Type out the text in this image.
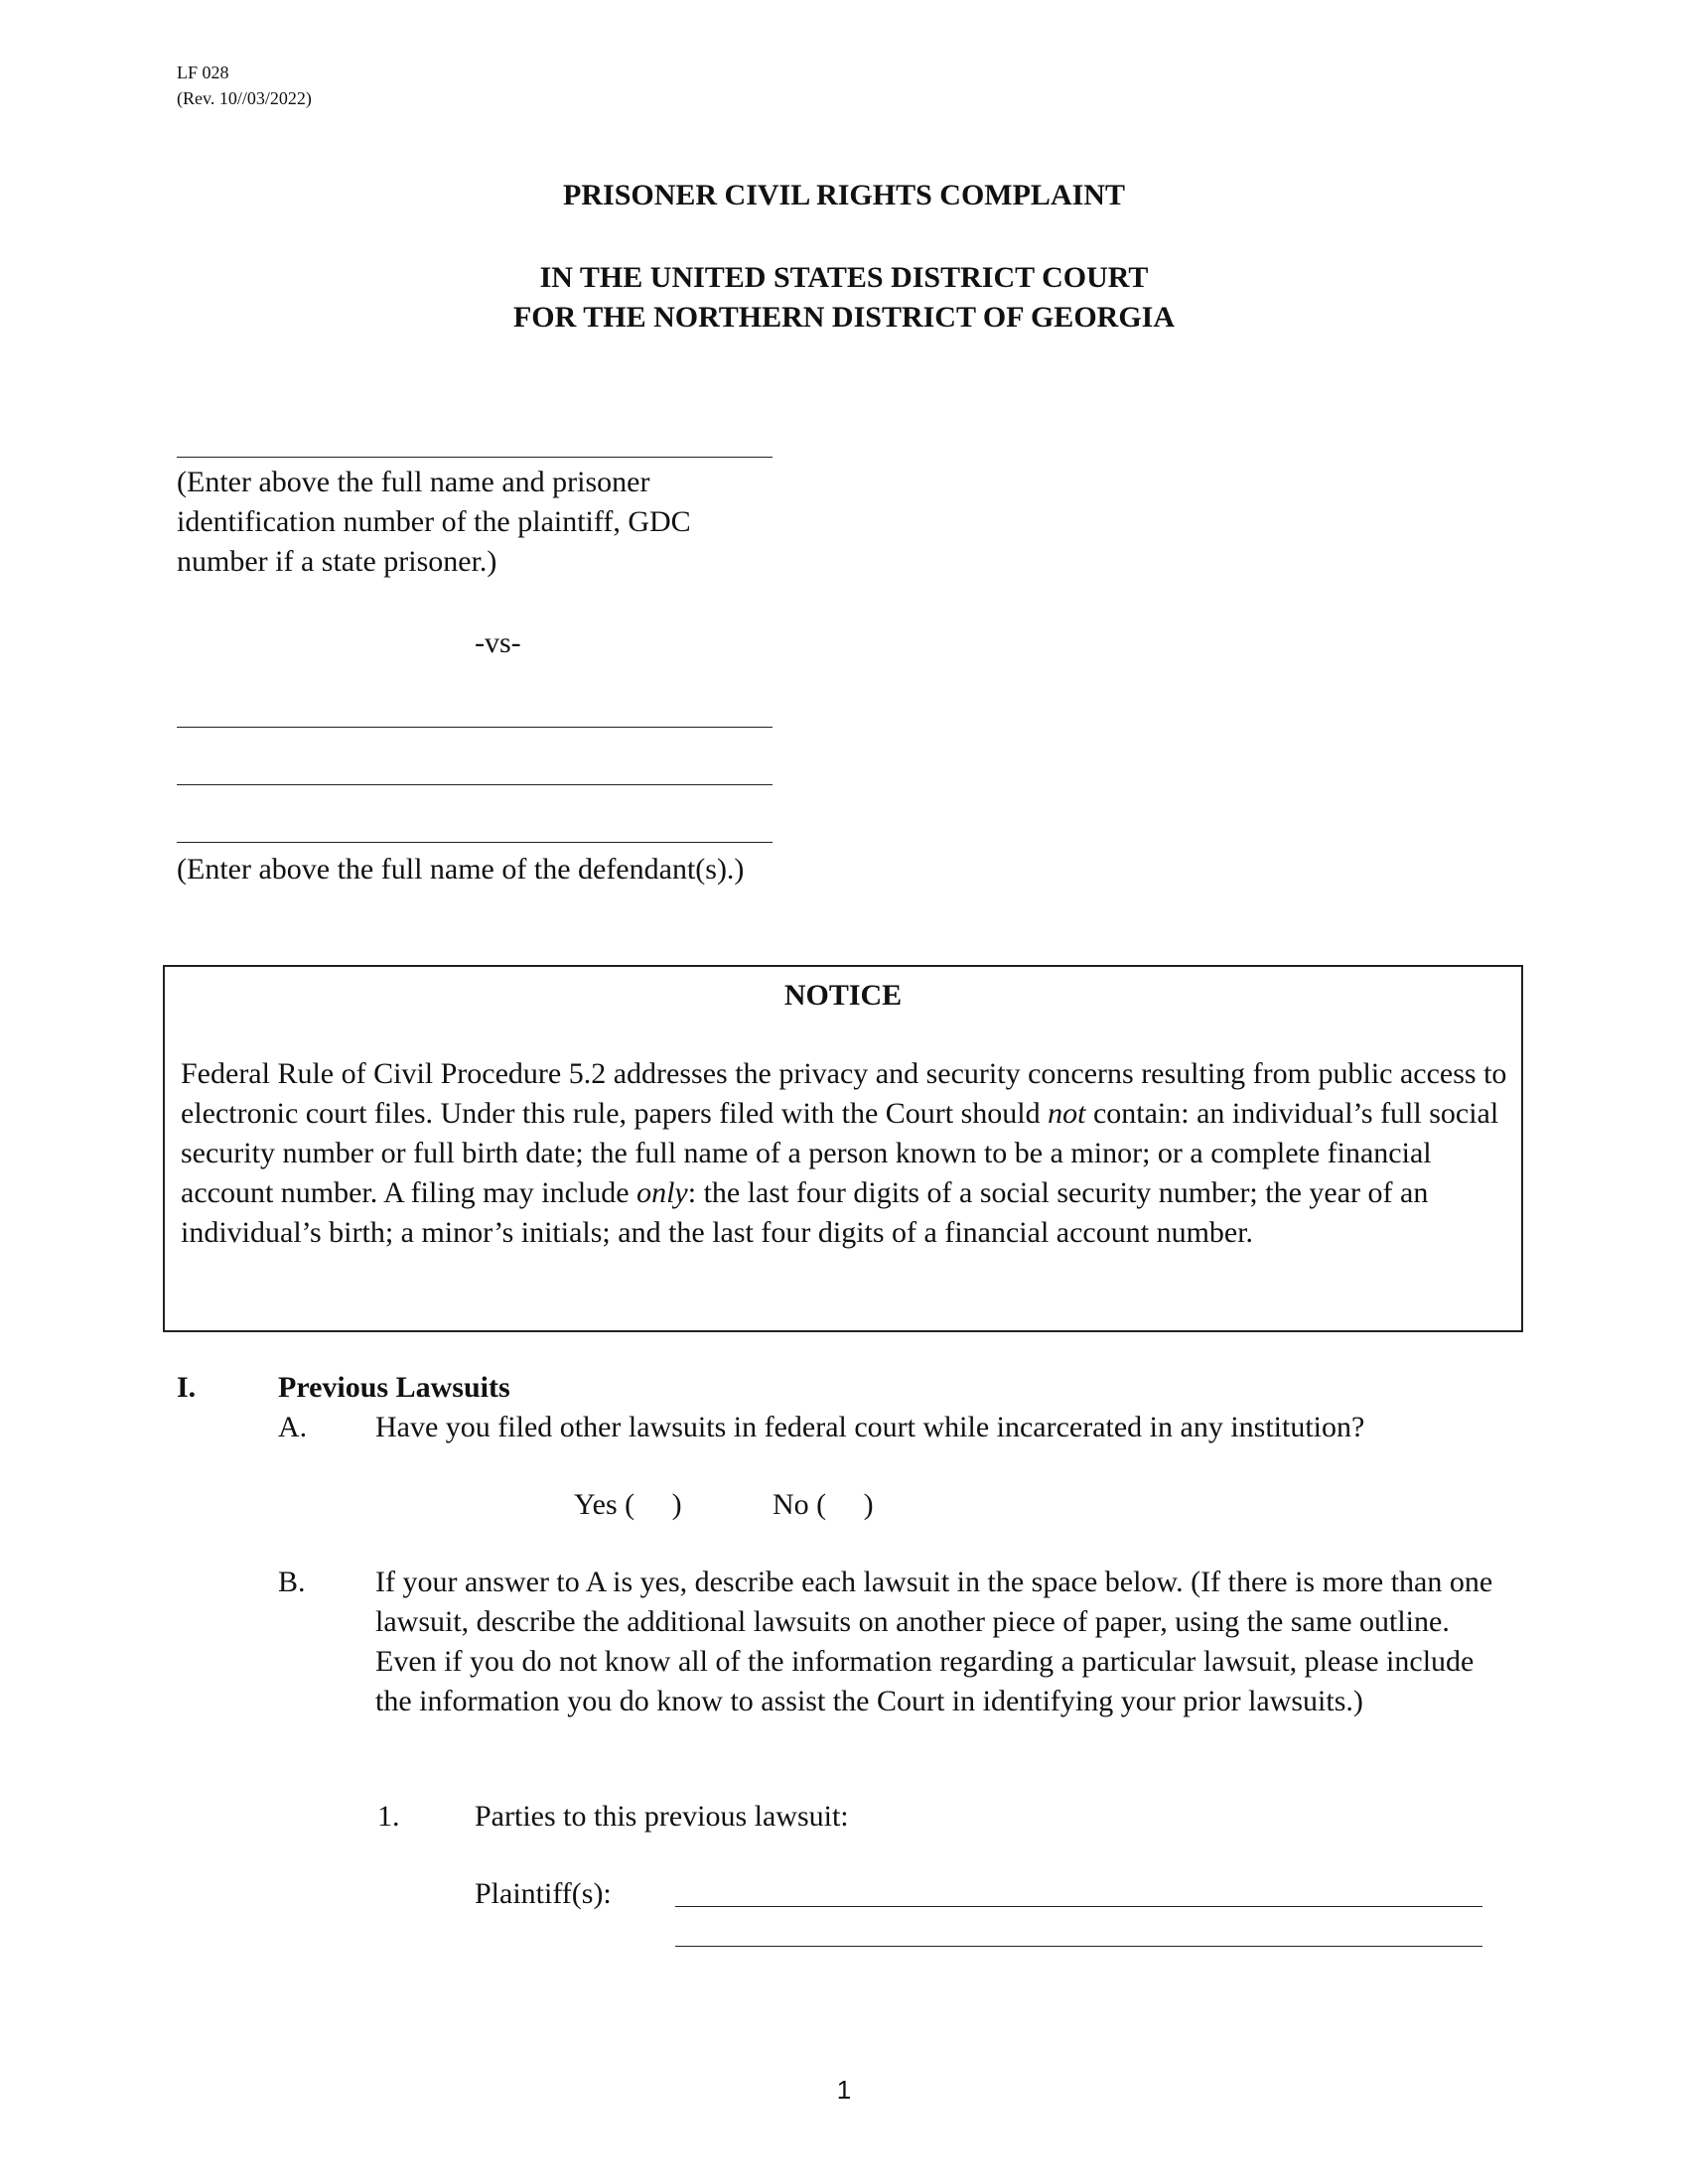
LF 028
(Rev. 10//03/2022)
PRISONER CIVIL RIGHTS COMPLAINT
IN THE UNITED STATES DISTRICT COURT
FOR THE NORTHERN DISTRICT OF GEORGIA
(Enter above the full name and prisoner
identification number of the plaintiff, GDC
number if a state prisoner.)
-vs-
(Enter above the full name of the defendant(s).)
NOTICE
Federal Rule of Civil Procedure 5.2 addresses the privacy and security concerns resulting from public access to electronic court files. Under this rule, papers filed with the Court should not contain: an individual’s full social security number or full birth date; the full name of a person known to be a minor; or a complete financial account number. A filing may include only: the last four digits of a social security number; the year of an individual’s birth; a minor’s initials; and the last four digits of a financial account number.
I.	Previous Lawsuits
A. Have you filed other lawsuits in federal court while incarcerated in any institution?
Yes (     )	No (     )
B. If your answer to A is yes, describe each lawsuit in the space below. (If there is more than one lawsuit, describe the additional lawsuits on another piece of paper, using the same outline. Even if you do not know all of the information regarding a particular lawsuit, please include the information you do know to assist the Court in identifying your prior lawsuits.)
1.	Parties to this previous lawsuit:
Plaintiff(s):
1
